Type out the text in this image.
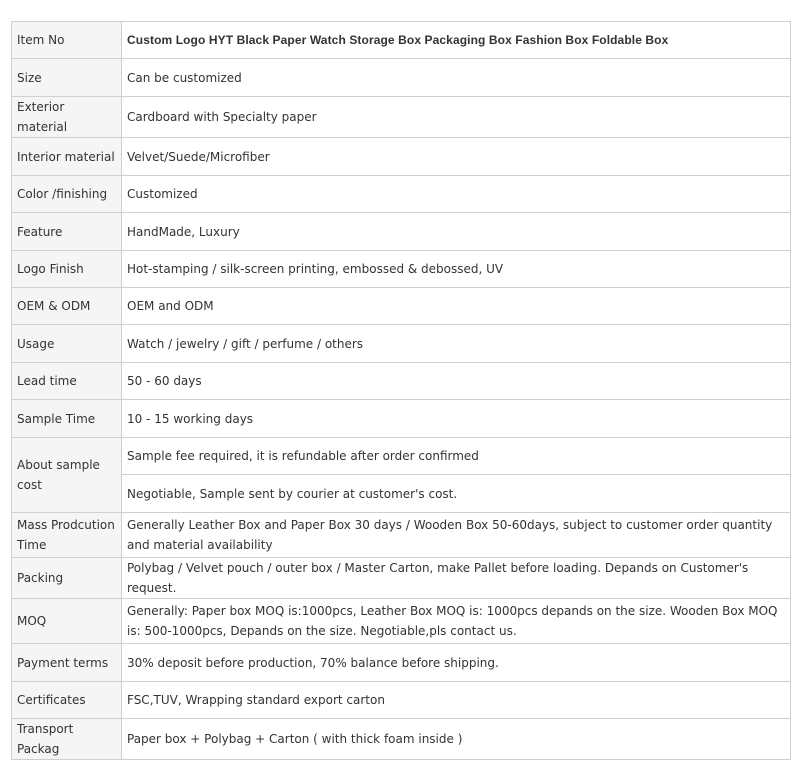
Item No	Custom Logo HYT Black Paper Watch Storage Box Packaging Box Fashion Box Foldable Box
Size	Can be customized
Exterior material	Cardboard with Specialty paper
Interior material	Velvet/Suede/Microfiber
Color /finishing	Customized
Feature	HandMade, Luxury
Logo Finish	Hot-stamping / silk-screen printing, embossed & debossed, UV
OEM & ODM	OEM and ODM
Usage	Watch / jewelry / gift / perfume / others
Lead time	50 - 60 days
Sample Time	10 - 15 working days
About sample cost	Sample fee required, it is refundable after order confirmed
	Negotiable, Sample sent by courier at customer's cost.
Mass Prodcution Time	Generally Leather Box and Paper Box 30 days / Wooden Box 50-60days, subject to customer order quantity and material availability
Packing	Polybag / Velvet pouch / outer box / Master Carton, make Pallet before loading. Depands on Customer's request.
MOQ	Generally: Paper box MOQ is:1000pcs, Leather Box MOQ is: 1000pcs depands on the size. Wooden Box MOQ is: 500-1000pcs, Depands on the size. Negotiable,pls contact us.
Payment terms	30% deposit before production, 70% balance before shipping.
Certificates	FSC,TUV, Wrapping standard export carton
Transport Packag	Paper box + Polybag + Carton ( with thick foam inside )
